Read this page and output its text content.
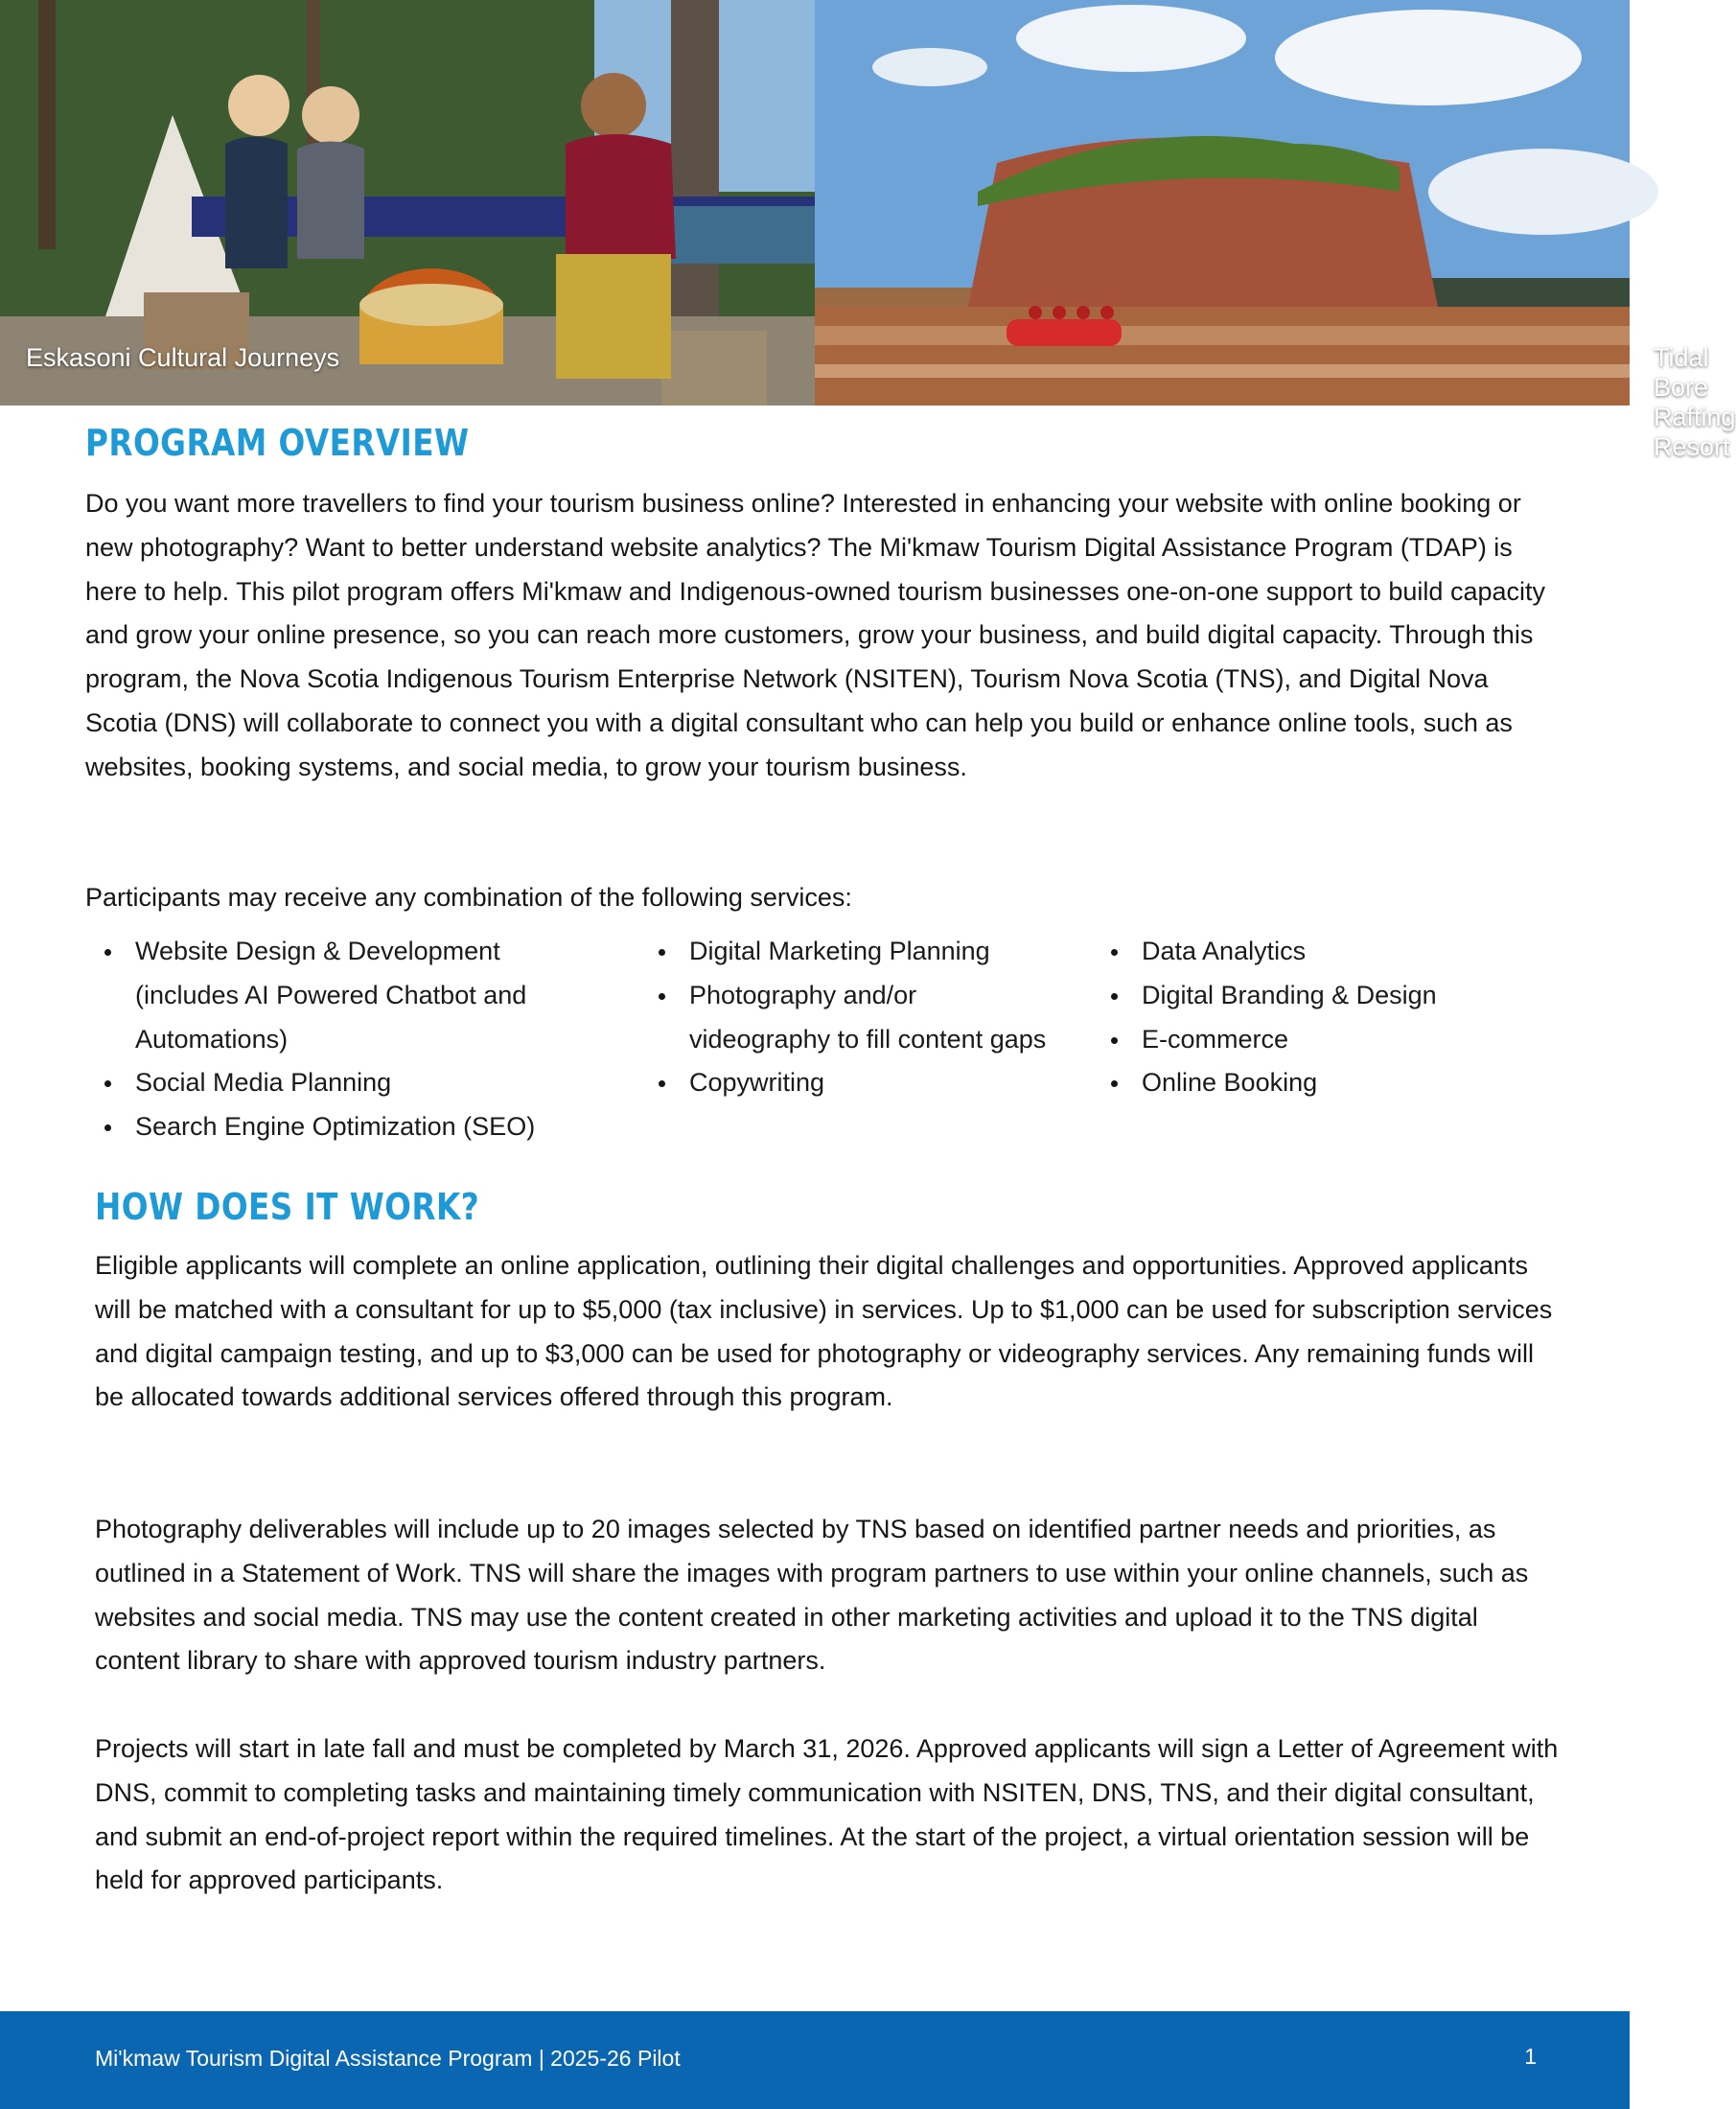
Eskasoni Cultural Journeys	Tidal Bore Rafting Resort
PROGRAM OVERVIEW

Do you want more travellers to find your tourism business online? Interested in enhancing your website with online booking or new photography? Want to better understand website analytics? The Mi'kmaw Tourism Digital Assistance Program (TDAP) is here to help. This pilot program offers Mi'kmaw and Indigenous-owned tourism businesses one-on-one support to build capacity and grow your online presence, so you can reach more customers, grow your business, and build digital capacity. Through this program, the Nova Scotia Indigenous Tourism Enterprise Network (NSITEN), Tourism Nova Scotia (TNS), and Digital Nova Scotia (DNS) will collaborate to connect you with a digital consultant who can help you build or enhance online tools, such as websites, booking systems, and social media, to grow your tourism business.

Participants may receive any combination of the following services:

Website Design & Development (includes AI Powered Chatbot and Automations)
Social Media Planning
Search Engine Optimization (SEO)
Digital Marketing Planning
Photography and/or videography to fill content gaps
Copywriting
Data Analytics
Digital Branding & Design
E-commerce
Online Booking
HOW DOES IT WORK?

Eligible applicants will complete an online application, outlining their digital challenges and opportunities. Approved applicants will be matched with a consultant for up to $5,000 (tax inclusive) in services. Up to $1,000 can be used for subscription services and digital campaign testing, and up to $3,000 can be used for photography or videography services. Any remaining funds will be allocated towards additional services offered through this program.

Photography deliverables will include up to 20 images selected by TNS based on identified partner needs and priorities, as outlined in a Statement of Work. TNS will share the images with program partners to use within your online channels, such as websites and social media. TNS may use the content created in other marketing activities and upload it to the TNS digital content library to share with approved tourism industry partners.

Projects will start in late fall and must be completed by March 31, 2026. Approved applicants will sign a Letter of Agreement with DNS, commit to completing tasks and maintaining timely communication with NSITEN, DNS, TNS, and their digital consultant, and submit an end-of-project report within the required timelines. At the start of the project, a virtual orientation session will be held for approved participants.

Mi'kmaw Tourism Digital Assistance Program | 2025-26 Pilot	1
